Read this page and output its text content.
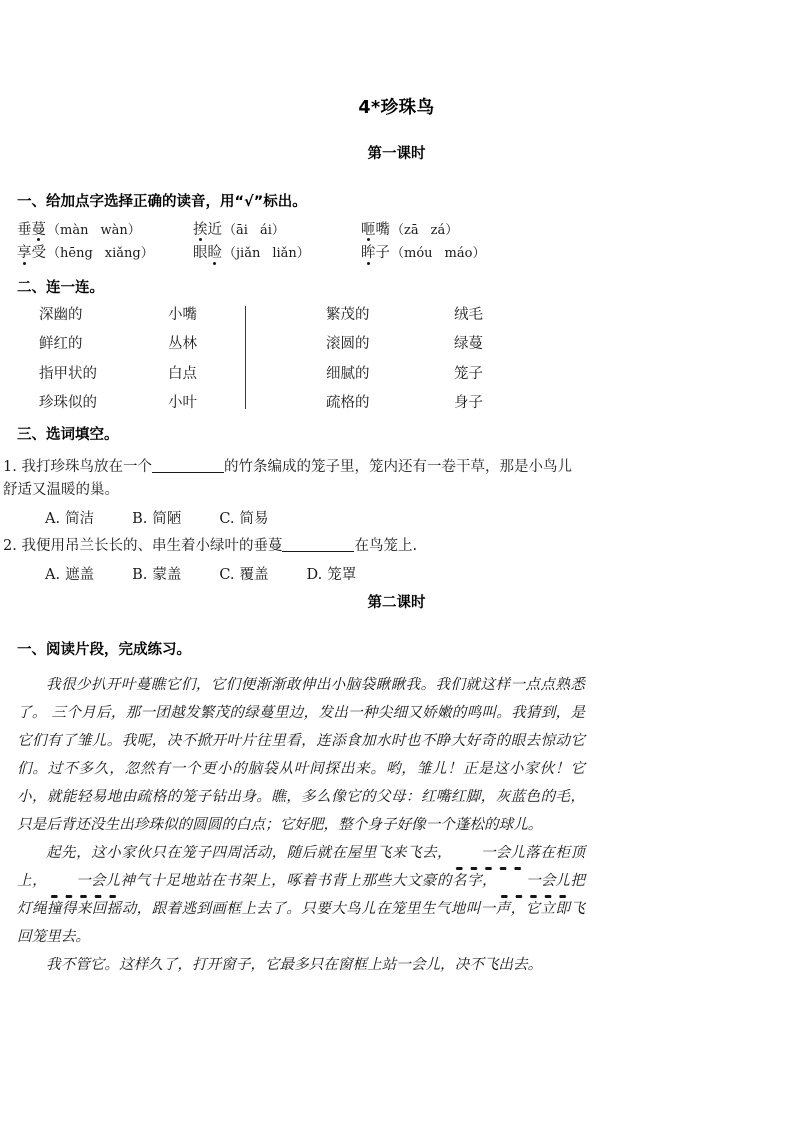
4*珍珠鸟
第一课时
一、给加点字选择正确的读音，用“√”标出。
垂蔓 （màn wàn）	挨近 （āi ái）	咂嘴 （zā zá）
享受 （hēng xiǎng）	眼睑 （jiǎn liǎn）	眸子 （móu máo）
二、连一连。
深幽的	小嘴	繁茂的	绒毛
鲜红的	丛林	滚圆的	绿蔓
指甲状的	白点	细腻的	笼子
珍珠似的	小叶	疏格的	身子
三、选词填空。
1. 我打珍珠鸟放在一个	的竹条编成的笼子里，笼内还有一卷干草，那是小鸟儿舒适又温暖的巢。
A. 简洁	B. 简陋	C. 简易
2. 我便用吊兰长长的、串生着小绿叶的垂蔓	在鸟笼上.
A. 遮盖	B. 蒙盖	C. 覆盖	D. 笼罩
第二课时
一、阅读片段，完成练习。

我很少扒开叶蔓瞧它们，它们便渐渐敢伸出小脑袋瞅瞅我。我们就这样一点点熟悉了。 三个月后，那一团越发繁茂的绿蔓里边，发出一种尖细又娇嫩的鸣叫。我猜到，是它们有了雏儿。我呢，决不掀开叶片往里看，连添食加水时也不睁大好奇的眼去惊动它们。过不多久，忽然有一个更小的脑袋从叶间探出来。哟，雏儿！正是这小家伙！它小，就能轻易地由疏格的笼子钻出身。瞧，多么像它的父母：红嘴红脚，灰蓝色的毛，只是后背还没生出珍珠似的圆圆的白点；它好肥，整个身子好像一个蓬松的球儿。

起先，这小家伙只在笼子四周活动，随后就在屋里飞来飞去， 一会儿落在柜顶上， 一会儿神气十足地站在书架上，啄着书背上那些大文豪的名字， 一会儿把灯绳撞得来回摇动，跟着逃到画框上去了。只要大鸟儿在笼里生气地叫一声，它立即飞回笼里去。

我不管它。这样久了，打开窗子，它最多只在窗框上站一会儿，决不飞出去。
